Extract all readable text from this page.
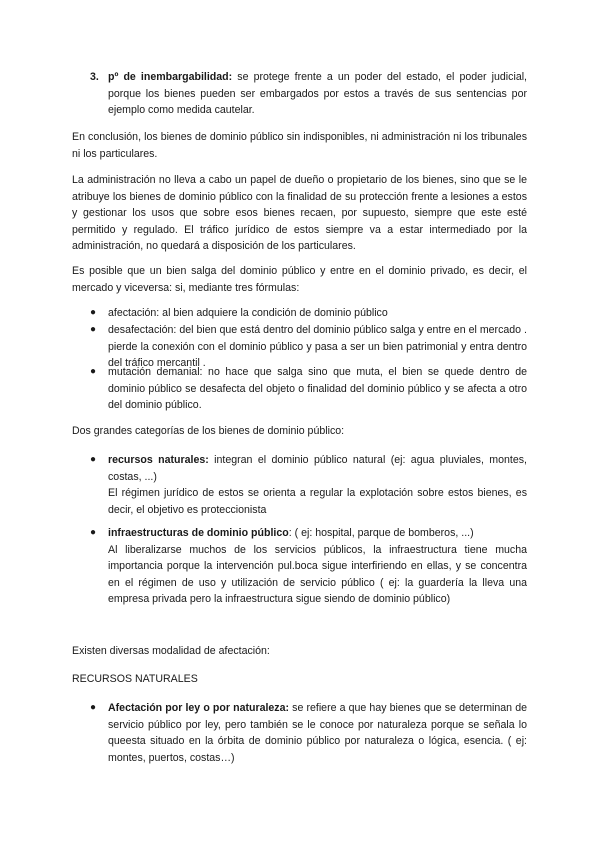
3. pº de inembargabilidad: se protege frente a un poder del estado, el poder judicial, porque los bienes pueden ser embargados por estos a través de sus sentencias por ejemplo como medida cautelar.

En conclusión, los bienes de dominio público sin indisponibles, ni administración ni los tribunales ni los particulares.

La administración no lleva a cabo un papel de dueño o propietario de los bienes, sino que se le atribuye los bienes de dominio público con la finalidad de su protección frente a lesiones a estos y gestionar los usos que sobre esos bienes recaen, por supuesto, siempre que este esté permitido y regulado. El tráfico jurídico de estos siempre va a estar intermediado por la administración, no quedará a disposición de los particulares.

Es posible que un bien salga del dominio público y entre en el dominio privado, es decir, el mercado y viceversa: si, mediante tres fórmulas:

●	afectación: al bien adquiere la condición de dominio público

●	desafectación: del bien que está dentro del dominio público salga y entre en el mercado . pierde la conexión con el dominio público y pasa a ser un bien patrimonial y entra dentro del tráfico mercantil .

●	mutación demanial: no hace que salga sino que muta, el bien se quede dentro de dominio público se desafecta del objeto o finalidad del dominio público y se afecta a otro del dominio público.

Dos grandes categorías de los bienes de dominio público:

●	recursos naturales: integran el dominio público natural (ej: agua pluviales, montes, costas, ...)

El régimen jurídico de estos se orienta a regular la explotación sobre estos bienes, es decir, el objetivo es proteccionista

●	infraestructuras de dominio público: ( ej: hospital, parque de bomberos, ...)

Al liberalizarse muchos de los servicios públicos, la infraestructura tiene mucha importancia porque la intervención pul.boca sigue interfiriendo en ellas, y se concentra en el régimen de uso y utilización de servicio público ( ej: la guardería la lleva una empresa privada pero la infraestructura sigue siendo de dominio público)

Existen diversas modalidad de afectación:

RECURSOS NATURALES

●	Afectación por ley o por naturaleza: se refiere a que hay bienes que se determinan de servicio público por ley, pero también se le conoce por naturaleza porque se señala lo queesta situado en la órbita de dominio público por naturaleza o lógica, esencia. ( ej: montes, puertos, costas…)
